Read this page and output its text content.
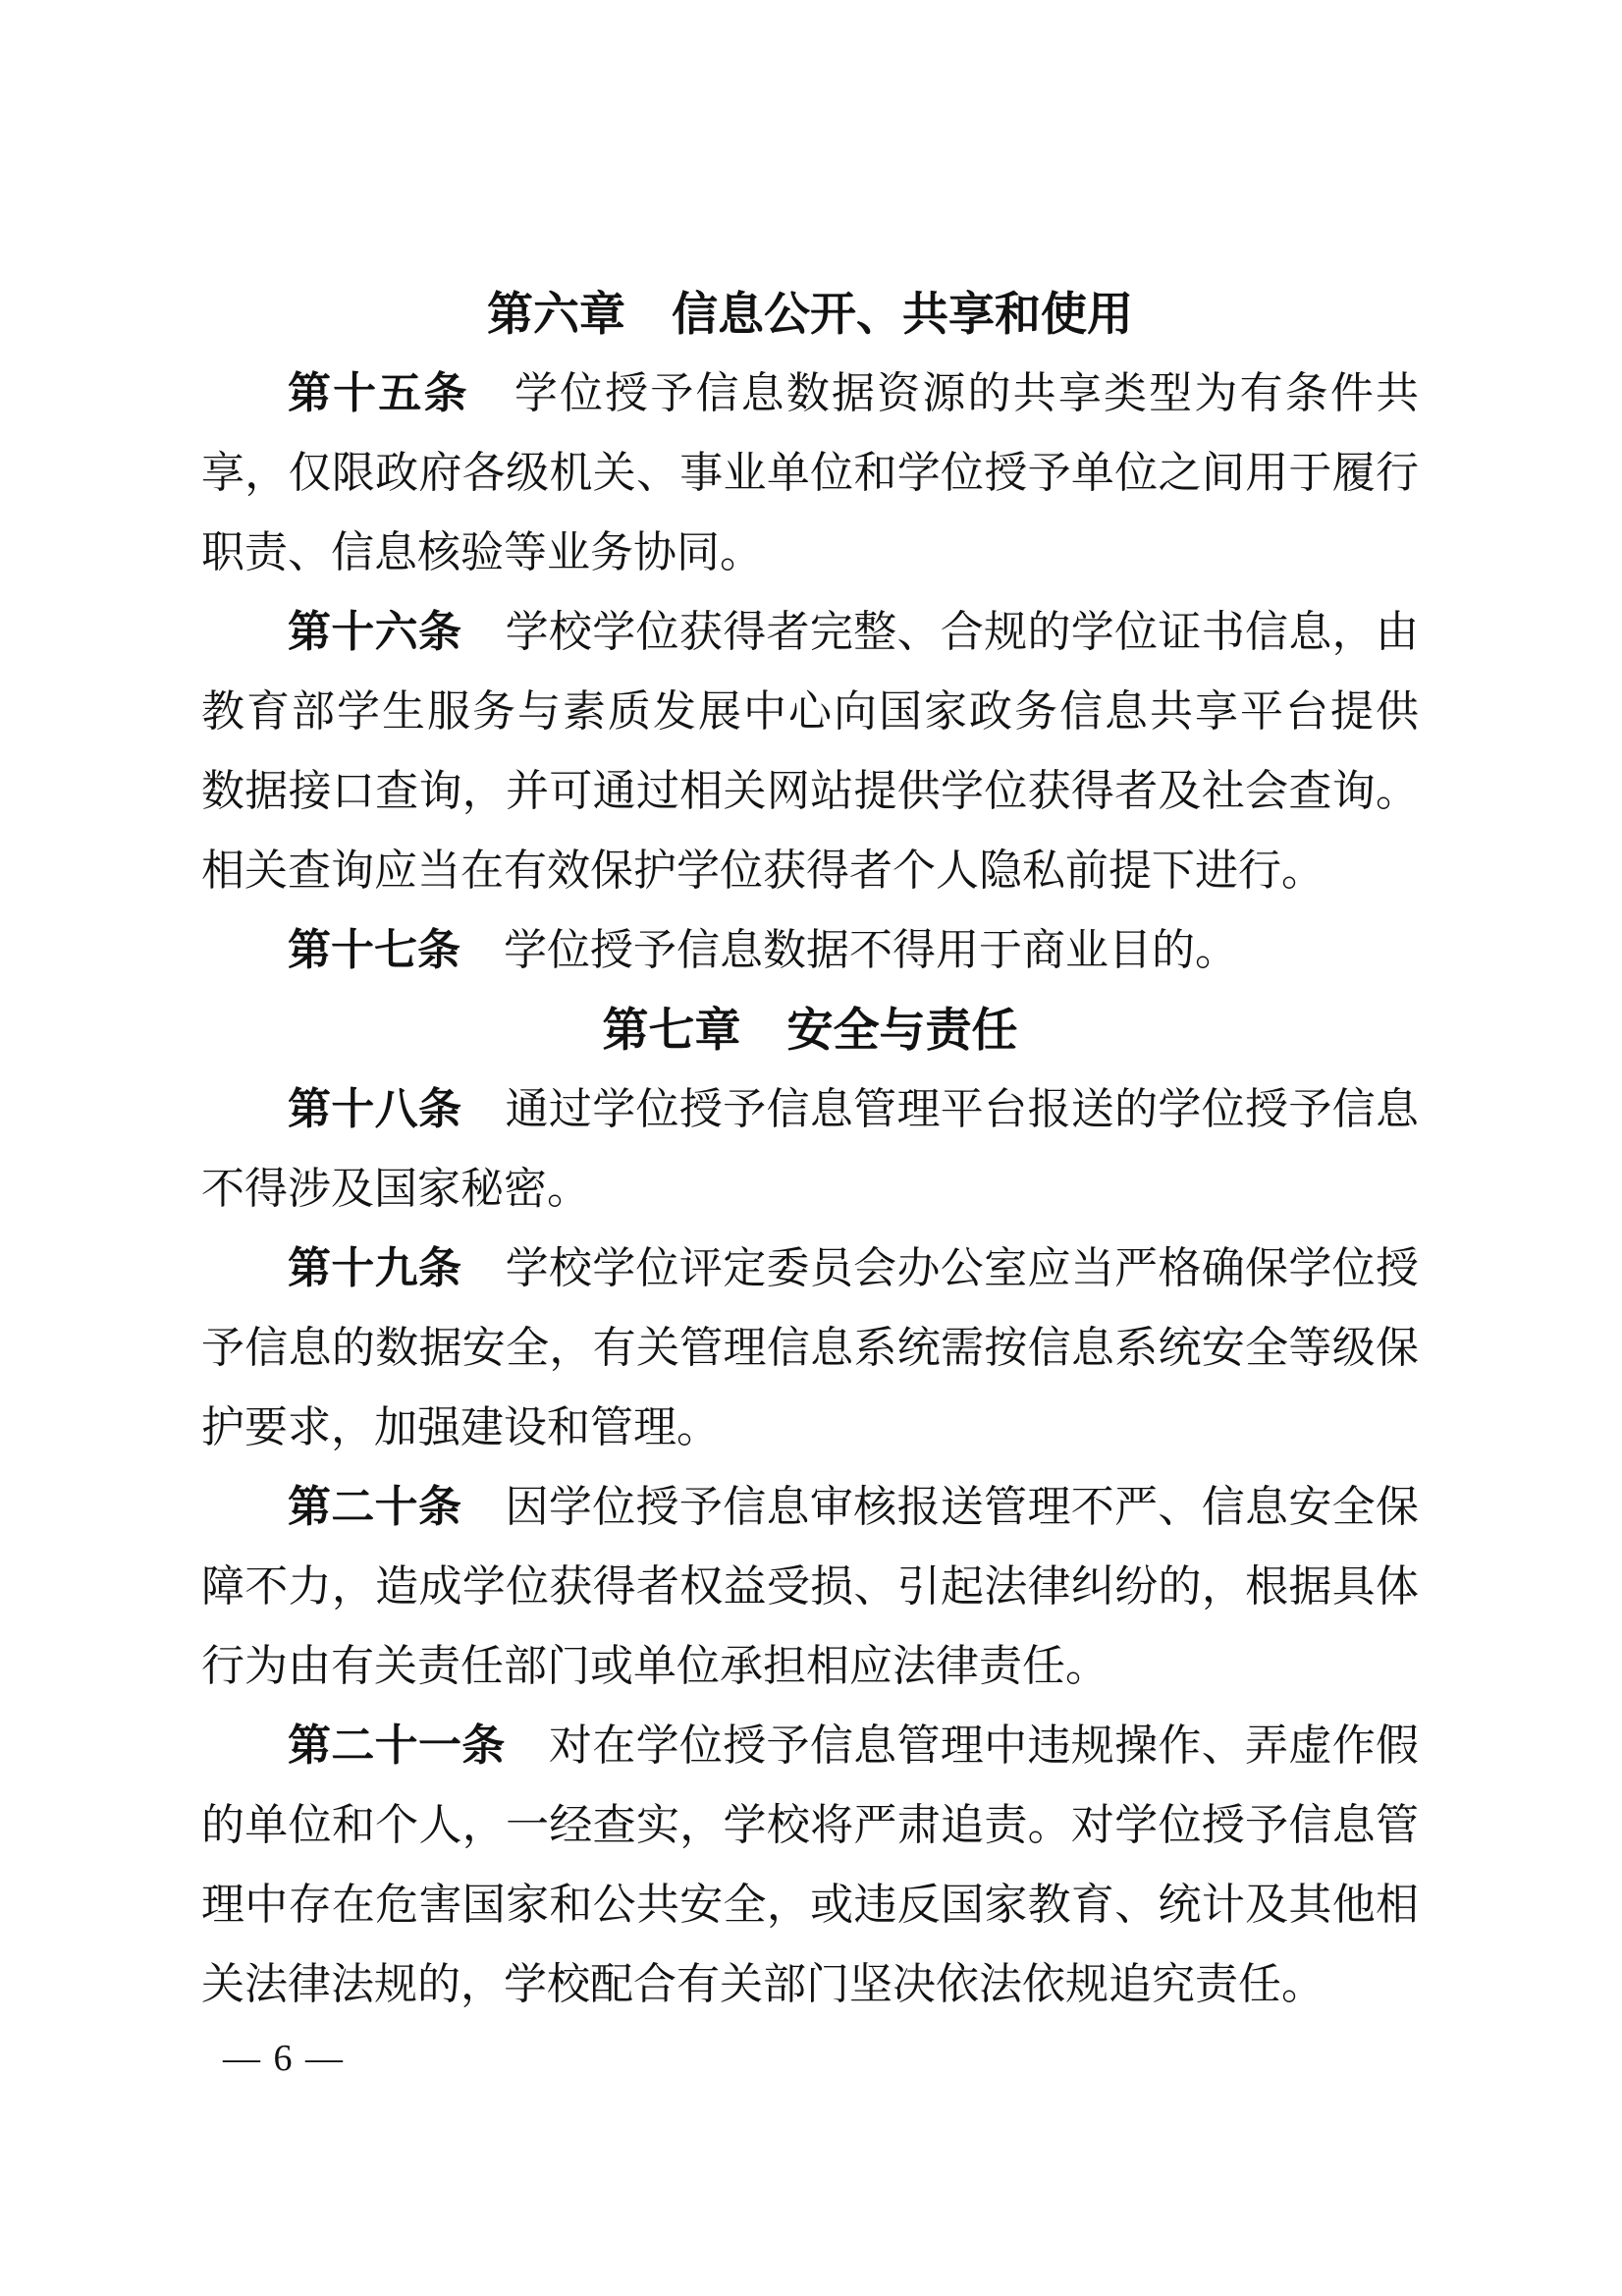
第六章　信息公开、共享和使用
第十五条　学位授予信息数据资源的共享类型为有条件共
享，仅限政府各级机关、事业单位和学位授予单位之间用于履行
职责、信息核验等业务协同。
第十六条　学校学位获得者完整、合规的学位证书信息，由
教育部学生服务与素质发展中心向国家政务信息共享平台提供
数据接口查询，并可通过相关网站提供学位获得者及社会查询。
相关查询应当在有效保护学位获得者个人隐私前提下进行。
第十七条　学位授予信息数据不得用于商业目的。
第七章　安全与责任
第十八条　通过学位授予信息管理平台报送的学位授予信息
不得涉及国家秘密。
第十九条　学校学位评定委员会办公室应当严格确保学位授
予信息的数据安全，有关管理信息系统需按信息系统安全等级保
护要求，加强建设和管理。
第二十条　因学位授予信息审核报送管理不严、信息安全保
障不力，造成学位获得者权益受损、引起法律纠纷的，根据具体
行为由有关责任部门或单位承担相应法律责任。
第二十一条　对在学位授予信息管理中违规操作、弄虚作假
的单位和个人，一经查实，学校将严肃追责。对学位授予信息管
理中存在危害国家和公共安全，或违反国家教育、统计及其他相
关法律法规的，学校配合有关部门坚决依法依规追究责任。
— 6 —
